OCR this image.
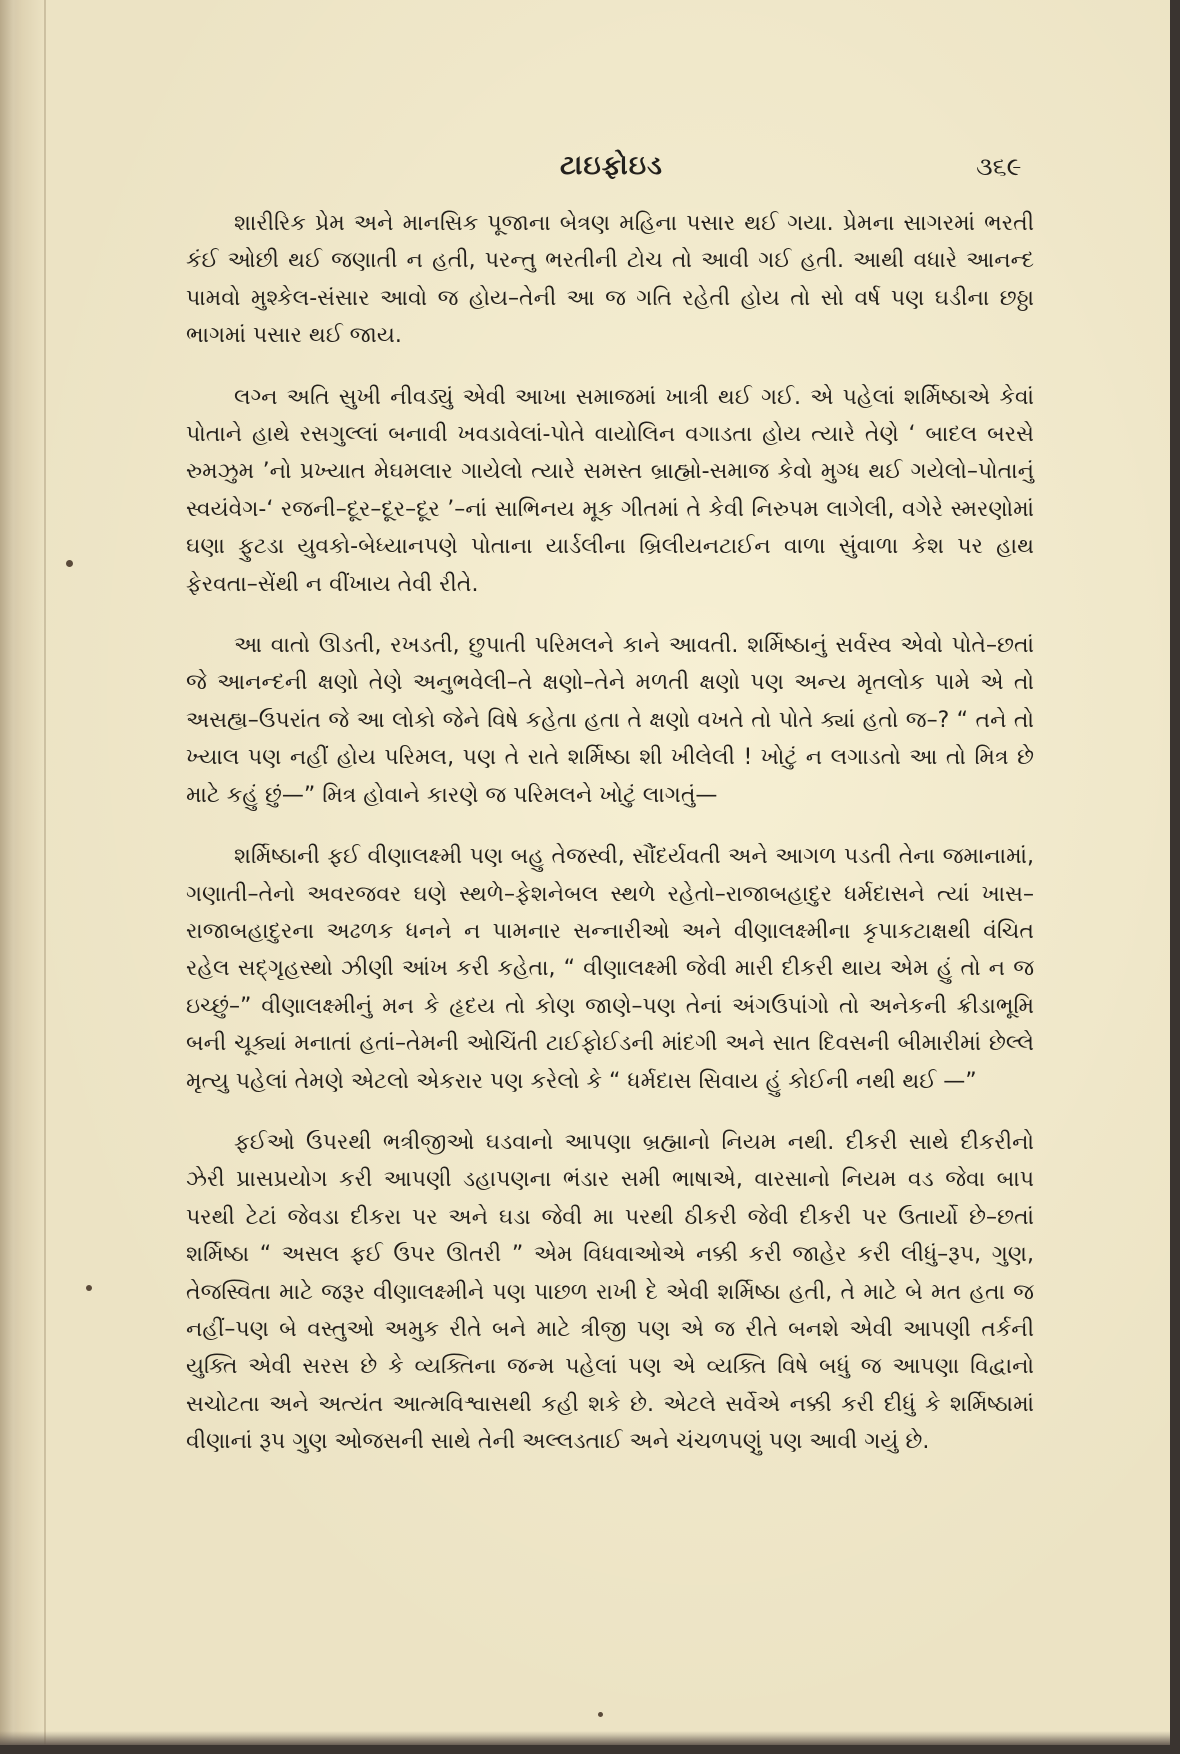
ટાઇફોઇડ	૩૬૯

શારીરિક પ્રેમ અને માનસિક પૂજાના બેત્રણ મહિના પસાર થઈ ગયા. પ્રેમના સાગરમાં ભરતી કંઈ ઓછી થઈ જણાતી ન હતી, પરન્તુ ભરતીની ટોચ તો આવી ગઈ હતી. આથી વધારે આનન્દ પામવો મુશ્કેલ-સંસાર આવો જ હોય–તેની આ જ ગતિ રહેતી હોય તો સો વર્ષ પણ ઘડીના છઠ્ઠા ભાગમાં પસાર થઈ જાય.

લગ્ન અતિ સુખી નીવડ્યું એવી આખા સમાજમાં ખાત્રી થઈ ગઈ. એ પહેલાં શર્મિષ્ઠાએ કેવાં પોતાને હાથે રસગુલ્લાં બનાવી ખવડાવેલાં-પોતે વાયોલિન વગાડતા હોય ત્યારે તેણે ‘ બાદલ બરસે રુમઝુમ ’નો પ્રખ્યાત મેઘમલાર ગાયેલો ત્યારે સમસ્ત બ્રાહ્મો-સમાજ કેવો મુગ્ધ થઈ ગયેલો–પોતાનું સ્વયંવેગ-‘ રજની–દૂર–દૂર–દૂર ’–નાં સાભિનય મૂક ગીતમાં તે કેવી નિરુપમ લાગેલી, વગેરે સ્મરણોમાં ઘણા ફુટડા યુવકો-બેધ્યાનપણે પોતાના યાર્ડલીના બ્રિલીયનટાઈન વાળા સુંવાળા કેશ પર હાથ ફેરવતા–સેંથી ન વીંખાય તેવી રીતે.

આ વાતો ઊડતી, રખડતી, છુપાતી પરિમલને કાને આવતી. શર્મિષ્ઠાનું સર્વસ્વ એવો પોતે–છતાં જે આનન્દની ક્ષણો તેણે અનુભવેલી–તે ક્ષણો–તેને મળતી ક્ષણો પણ અન્ય મૃતલોક પામે એ તો અસહ્ય–ઉપરાંત જે આ લોકો જેને વિષે કહેતા હતા તે ક્ષણો વખતે તો પોતે ક્યાં હતો જ–? “ તને તો ખ્યાલ પણ નહીં હોય પરિમલ, પણ તે રાતે શર્મિષ્ઠા શી ખીલેલી ! ખોટું ન લગાડતો આ તો મિત્ર છે માટે કહું છું—” મિત્ર હોવાને કારણે જ પરિમલને ખોટું લાગતું—

શર્મિષ્ઠાની ફઈ વીણાલક્ષ્મી પણ બહુ તેજસ્વી, સૌંદર્યવતી અને આગળ પડતી તેના જમાનામાં, ગણાતી–તેનો અવરજવર ઘણે સ્થળે–ફેશનેબલ સ્થળે રહેતો–રાજાબહાદુર ધર્મદાસને ત્યાં ખાસ–રાજાબહાદુરના અઢળક ધનને ન પામનાર સન્નારીઓ અને વીણાલક્ષ્મીના કૃપાકટાક્ષથી વંચિત રહેલ સદ્ગૃહસ્થો ઝીણી આંખ કરી કહેતા, “ વીણાલક્ષ્મી જેવી મારી દીકરી થાય એમ હું તો ન જ ઇચ્છું–” વીણાલક્ષ્મીનું મન કે હૃદય તો કોણ જાણે–પણ તેનાં અંગઉપાંગો તો અનેકની ક્રીડાભૂમિ બની ચૂક્યાં મનાતાં હતાં–તેમની ઓચિંતી ટાઈફોઈડની માંદગી અને સાત દિવસની બીમારીમાં છેલ્લે મૃત્યુ પહેલાં તેમણે એટલો એકરાર પણ કરેલો કે “ ધર્મદાસ સિવાય હું કોઈની નથી થઈ —”

ફઈઓ ઉપરથી ભત્રીજીઓ ઘડવાનો આપણા બ્રહ્માનો નિયમ નથી. દીકરી સાથે દીકરીનો ઝેરી પ્રાસપ્રયોગ કરી આપણી ડહાપણના ભંડાર સમી ભાષાએ, વારસાનો નિયમ વડ જેવા બાપ પરથી ટેટાં જેવડા દીકરા પર અને ઘડા જેવી મા પરથી ઠીકરી જેવી દીકરી પર ઉતાર્યો છે–છતાં શર્મિષ્ઠા “ અસલ ફઈ ઉપર ઊતરી ” એમ વિધવાઓએ નક્કી કરી જાહેર કરી લીધું–રૂપ, ગુણ, તેજસ્વિતા માટે જરૂર વીણાલક્ષ્મીને પણ પાછળ રાખી દે એવી શર્મિષ્ઠા હતી, તે માટે બે મત હતા જ નહીં–પણ બે વસ્તુઓ અમુક રીતે બને માટે ત્રીજી પણ એ જ રીતે બનશે એવી આપણી તર્કની યુક્તિ એવી સરસ છે કે વ્યક્તિના જન્મ પહેલાં પણ એ વ્યક્તિ વિષે બધું જ આપણા વિદ્વાનો સચોટતા અને અત્યંત આત્મવિશ્વાસથી કહી શકે છે. એટલે સર્વેએ નક્કી કરી દીધું કે શર્મિષ્ઠામાં વીણાનાં રૂપ ગુણ ઓજસની સાથે તેની અલ્લડતાઈ અને ચંચળપણું પણ આવી ગયું છે.
